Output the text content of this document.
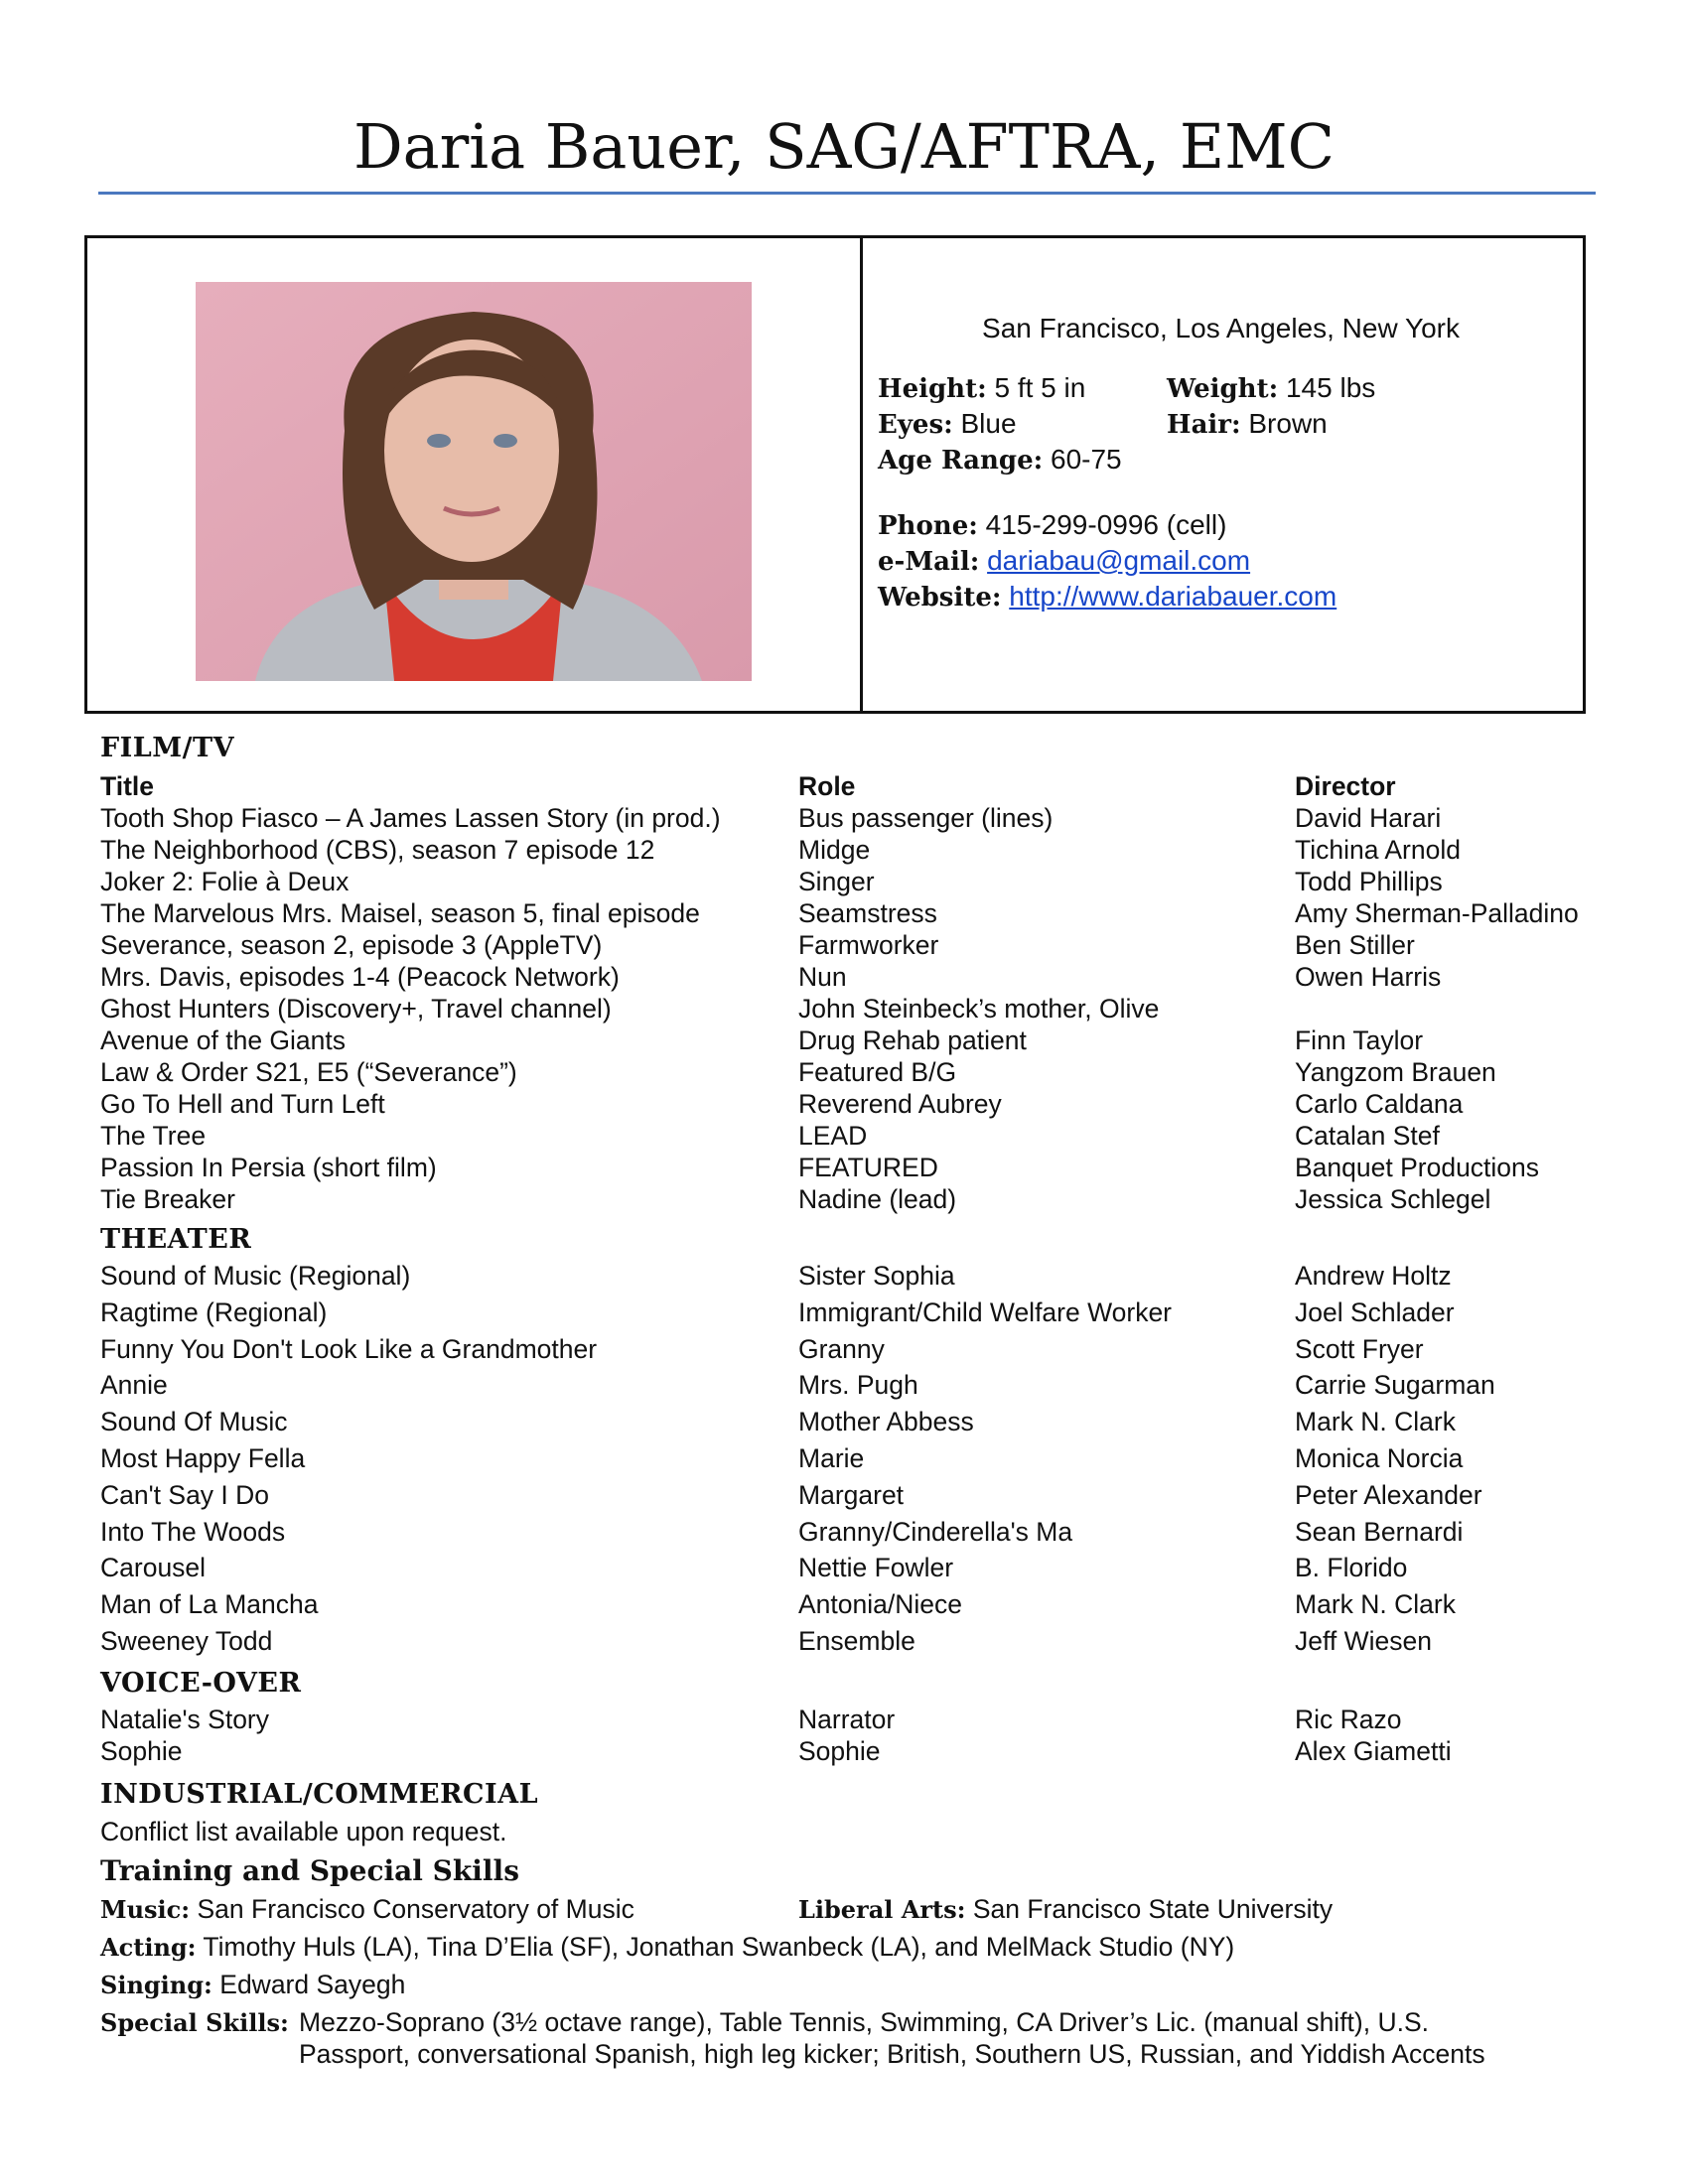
Daria Bauer, SAG/AFTRA, EMC
San Francisco, Los Angeles, New York
Height: 5 ft 5 in	Weight: 145 lbs
Eyes: Blue	Hair: Brown
Age Range: 60-75
Phone: 415-299-0996 (cell)
e-Mail: dariabau@gmail.com
Website: http://www.dariabauer.com
FILM/TV
Title	Role	Director
Tooth Shop Fiasco – A James Lassen Story (in prod.)	Bus passenger (lines)	David Harari
The Neighborhood (CBS), season 7 episode 12	Midge	Tichina Arnold
Joker 2: Folie à Deux	Singer	Todd Phillips
The Marvelous Mrs. Maisel, season 5, final episode	Seamstress	Amy Sherman-Palladino
Severance, season 2, episode 3 (AppleTV)	Farmworker	Ben Stiller
Mrs. Davis, episodes 1-4 (Peacock Network)	Nun	Owen Harris
Ghost Hunters (Discovery+, Travel channel)	John Steinbeck’s mother, Olive
Avenue of the Giants	Drug Rehab patient	Finn Taylor
Law & Order S21, E5 (“Severance”)	Featured B/G	Yangzom Brauen
Go To Hell and Turn Left	Reverend Aubrey	Carlo Caldana
The Tree	LEAD	Catalan Stef
Passion In Persia (short film)	FEATURED	Banquet Productions
Tie Breaker	Nadine (lead)	Jessica Schlegel
THEATER
Sound of Music (Regional)	Sister Sophia	Andrew Holtz
Ragtime (Regional)	Immigrant/Child Welfare Worker	Joel Schlader
Funny You Don't Look Like a Grandmother	Granny	Scott Fryer
Annie	Mrs. Pugh	Carrie Sugarman
Sound Of Music	Mother Abbess	Mark N. Clark
Most Happy Fella	Marie	Monica Norcia
Can't Say I Do	Margaret	Peter Alexander
Into The Woods	Granny/Cinderella's Ma	Sean Bernardi
Carousel	Nettie Fowler	B. Florido
Man of La Mancha	Antonia/Niece	Mark N. Clark
Sweeney Todd	Ensemble	Jeff Wiesen
VOICE-OVER
Natalie's Story	Narrator	Ric Razo
Sophie	Sophie	Alex Giametti
INDUSTRIAL/COMMERCIAL
Conflict list available upon request.
Training and Special Skills
Music: San Francisco Conservatory of Music	Liberal Arts: San Francisco State University
Acting: Timothy Huls (LA), Tina D’Elia (SF), Jonathan Swanbeck (LA), and MelMack Studio (NY)
Singing: Edward Sayegh
Special Skills: Mezzo-Soprano (3½ octave range), Table Tennis, Swimming, CA Driver’s Lic. (manual shift), U.S.
Passport, conversational Spanish, high leg kicker; British, Southern US, Russian, and Yiddish Accents
